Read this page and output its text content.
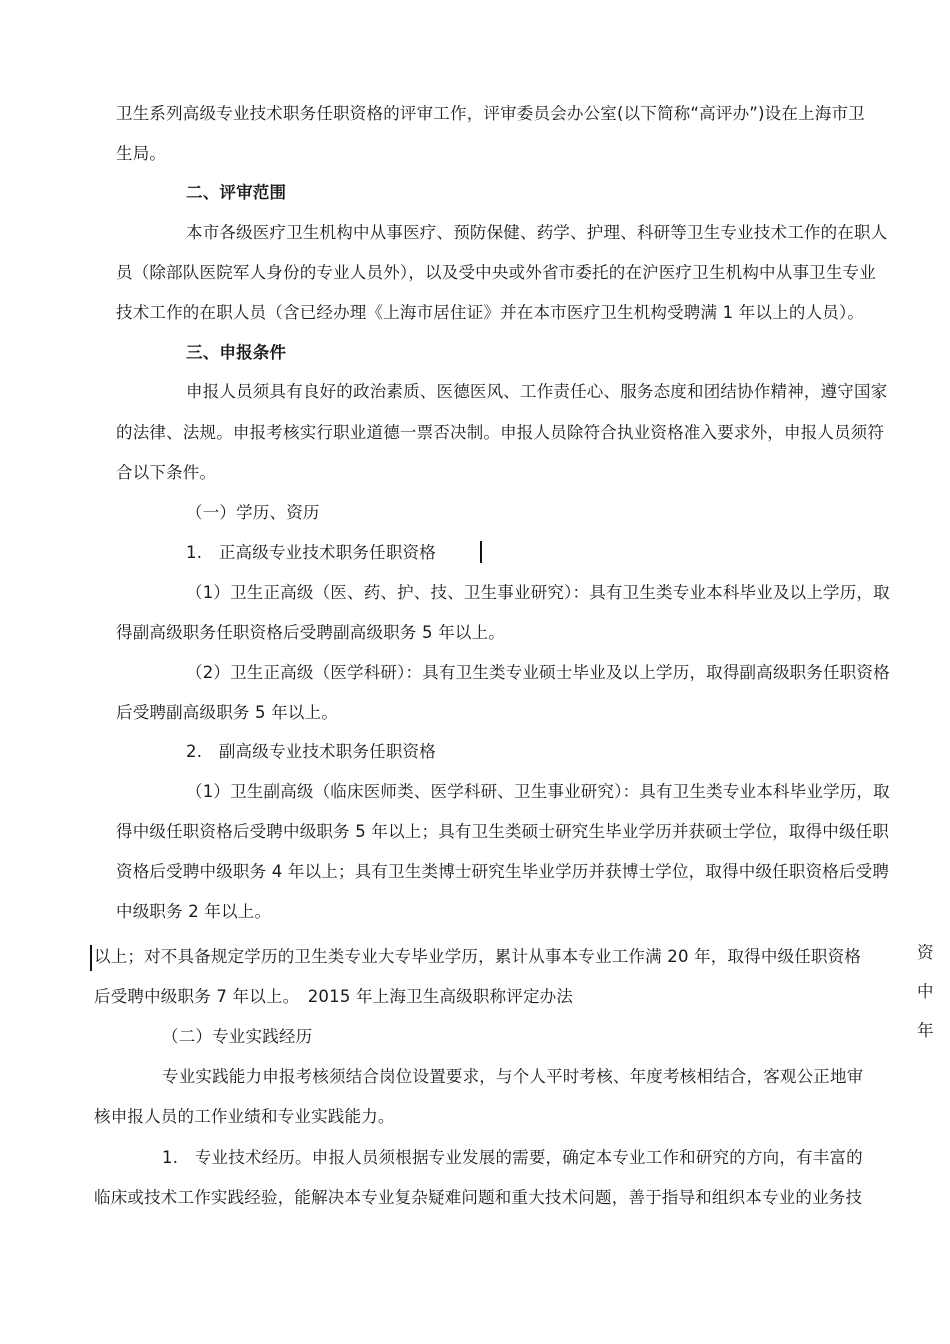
卫生系列高级专业技术职务任职资格的评审工作，评审委员会办公室(以下简称“高评办”)设在上海市卫
生局。
二、评审范围
本市各级医疗卫生机构中从事医疗、预防保健、药学、护理、科研等卫生专业技术工作的在职人
员（除部队医院军人身份的专业人员外），以及受中央或外省市委托的在沪医疗卫生机构中从事卫生专业
技术工作的在职人员（含已经办理《上海市居住证》并在本市医疗卫生机构受聘满 1 年以上的人员）。
三、申报条件
申报人员须具有良好的政治素质、医德医风、工作责任心、服务态度和团结协作精神，遵守国家
的法律、法规。申报考核实行职业道德一票否决制。申报人员除符合执业资格准入要求外，申报人员须符
合以下条件。
（一）学历、资历
1.　正高级专业技术职务任职资格
（1）卫生正高级（医、药、护、技、卫生事业研究）：具有卫生类专业本科毕业及以上学历，取
得副高级职务任职资格后受聘副高级职务 5 年以上。
（2）卫生正高级（医学科研）：具有卫生类专业硕士毕业及以上学历，取得副高级职务任职资格
后受聘副高级职务 5 年以上。
2.　副高级专业技术职务任职资格
（1）卫生副高级（临床医师类、医学科研、卫生事业研究）：具有卫生类专业本科毕业学历，取
得中级任职资格后受聘中级职务 5 年以上；具有卫生类硕士研究生毕业学历并获硕士学位，取得中级任职
资格后受聘中级职务 4 年以上；具有卫生类博士研究生毕业学历并获博士学位，取得中级任职资格后受聘
中级职务 2 年以上。
以上；对不具备规定学历的卫生类专业大专毕业学历，累计从事本专业工作满 20 年，取得中级任职资格
后受聘中级职务 7 年以上。　2015 年上海卫生高级职称评定办法
资
中
年
（二）专业实践经历
专业实践能力申报考核须结合岗位设置要求，与个人平时考核、年度考核相结合，客观公正地审
核申报人员的工作业绩和专业实践能力。
1.　专业技术经历。申报人员须根据专业发展的需要，确定本专业工作和研究的方向，有丰富的
临床或技术工作实践经验，能解决本专业复杂疑难问题和重大技术问题，善于指导和组织本专业的业务技
